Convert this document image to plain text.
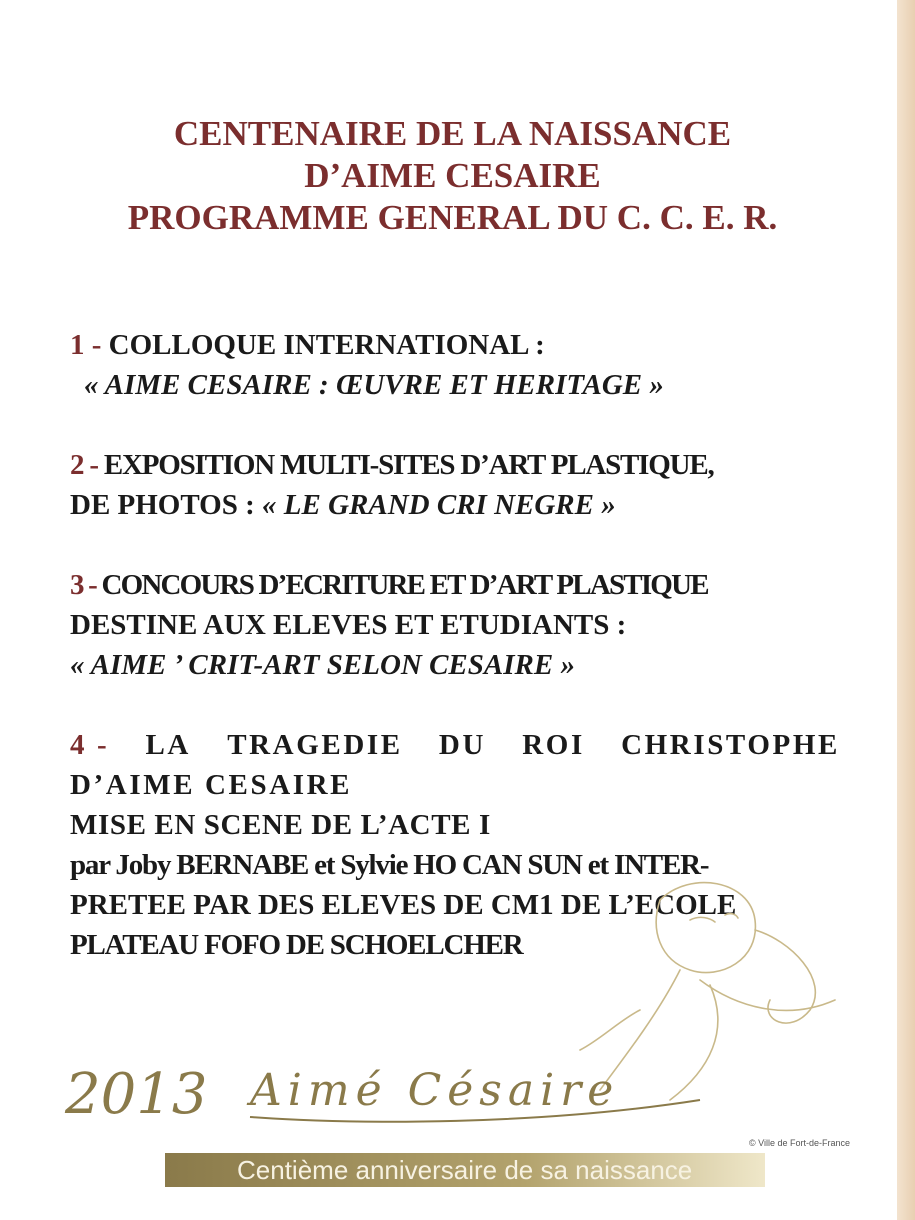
CENTENAIRE DE LA NAISSANCE
D’AIME CESAIRE
PROGRAMME GENERAL DU C. C. E. R.
1 - COLLOQUE INTERNATIONAL :
« AIME CESAIRE : ŒUVRE ET HERITAGE »
2 - EXPOSITION MULTI-SITES D’ART PLASTIQUE,
DE PHOTOS : « LE GRAND CRI NEGRE »
3 - CONCOURS D’ECRITURE ET D’ART PLASTIQUE
DESTINE AUX ELEVES ET ETUDIANTS :
« AIME ’ CRIT-ART SELON CESAIRE »
4 - LA TRAGEDIE DU ROI CHRISTOPHE
D’AIME CESAIRE
MISE EN SCENE DE L’ACTE I
par Joby BERNABE et Sylvie HO CAN SUN et INTER-
PRETEE PAR DES ELEVES DE CM1 DE L’ECOLE
PLATEAU FOFO DE SCHOELCHER
2013 Aimé Césaire
© Ville de Fort-de-France
Centième anniversaire de sa naissance
